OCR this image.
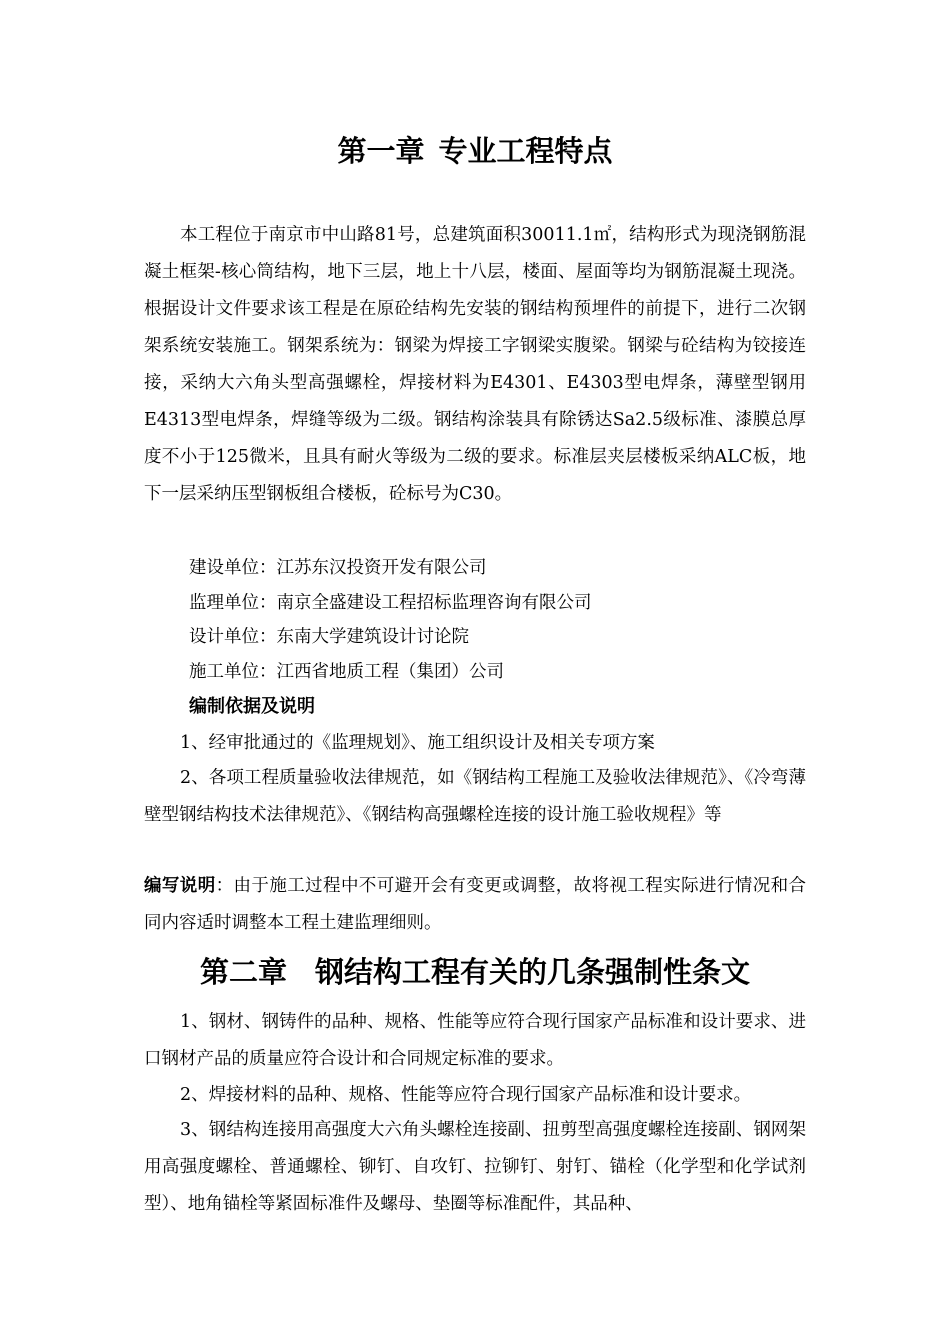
第一章 专业工程特点

本工程位于南京市中山路81号，总建筑面积30011.1㎡，结构形式为现浇钢筋混凝土框架-核心筒结构，地下三层，地上十八层，楼面、屋面等均为钢筋混凝土现浇。根据设计文件要求该工程是在原砼结构先安装的钢结构预埋件的前提下，进行二次钢架系统安装施工。钢架系统为：钢梁为焊接工字钢梁实腹梁。钢梁与砼结构为铰接连接，采纳大六角头型高强螺栓，焊接材料为E4301、E4303型电焊条，薄壁型钢用E4313型电焊条，焊缝等级为二级。钢结构涂装具有除锈达Sa2.5级标准、漆膜总厚度不小于125微米，且具有耐火等级为二级的要求。标准层夹层楼板采纳ALC板，地下一层采纳压型钢板组合楼板，砼标号为C30。

建设单位：江苏东汉投资开发有限公司

监理单位：南京全盛建设工程招标监理咨询有限公司

设计单位：东南大学建筑设计讨论院

施工单位：江西省地质工程（集团）公司

编制依据及说明

1、经审批通过的《监理规划》、施工组织设计及相关专项方案

2、各项工程质量验收法律规范，如《钢结构工程施工及验收法律规范》、《冷弯薄壁型钢结构技术法律规范》、《钢结构高强螺栓连接的设计施工验收规程》等

编写说明：由于施工过程中不可避开会有变更或调整，故将视工程实际进行情况和合同内容适时调整本工程土建监理细则。

第二章 钢结构工程有关的几条强制性条文

1、钢材、钢铸件的品种、规格、性能等应符合现行国家产品标准和设计要求、进口钢材产品的质量应符合设计和合同规定标准的要求。

2、焊接材料的品种、规格、性能等应符合现行国家产品标准和设计要求。

3、钢结构连接用高强度大六角头螺栓连接副、扭剪型高强度螺栓连接副、钢网架用高强度螺栓、普通螺栓、铆钉、自攻钉、拉铆钉、射钉、锚栓（化学型和化学试剂型）、地角锚栓等紧固标准件及螺母、垫圈等标准配件，其品种、
